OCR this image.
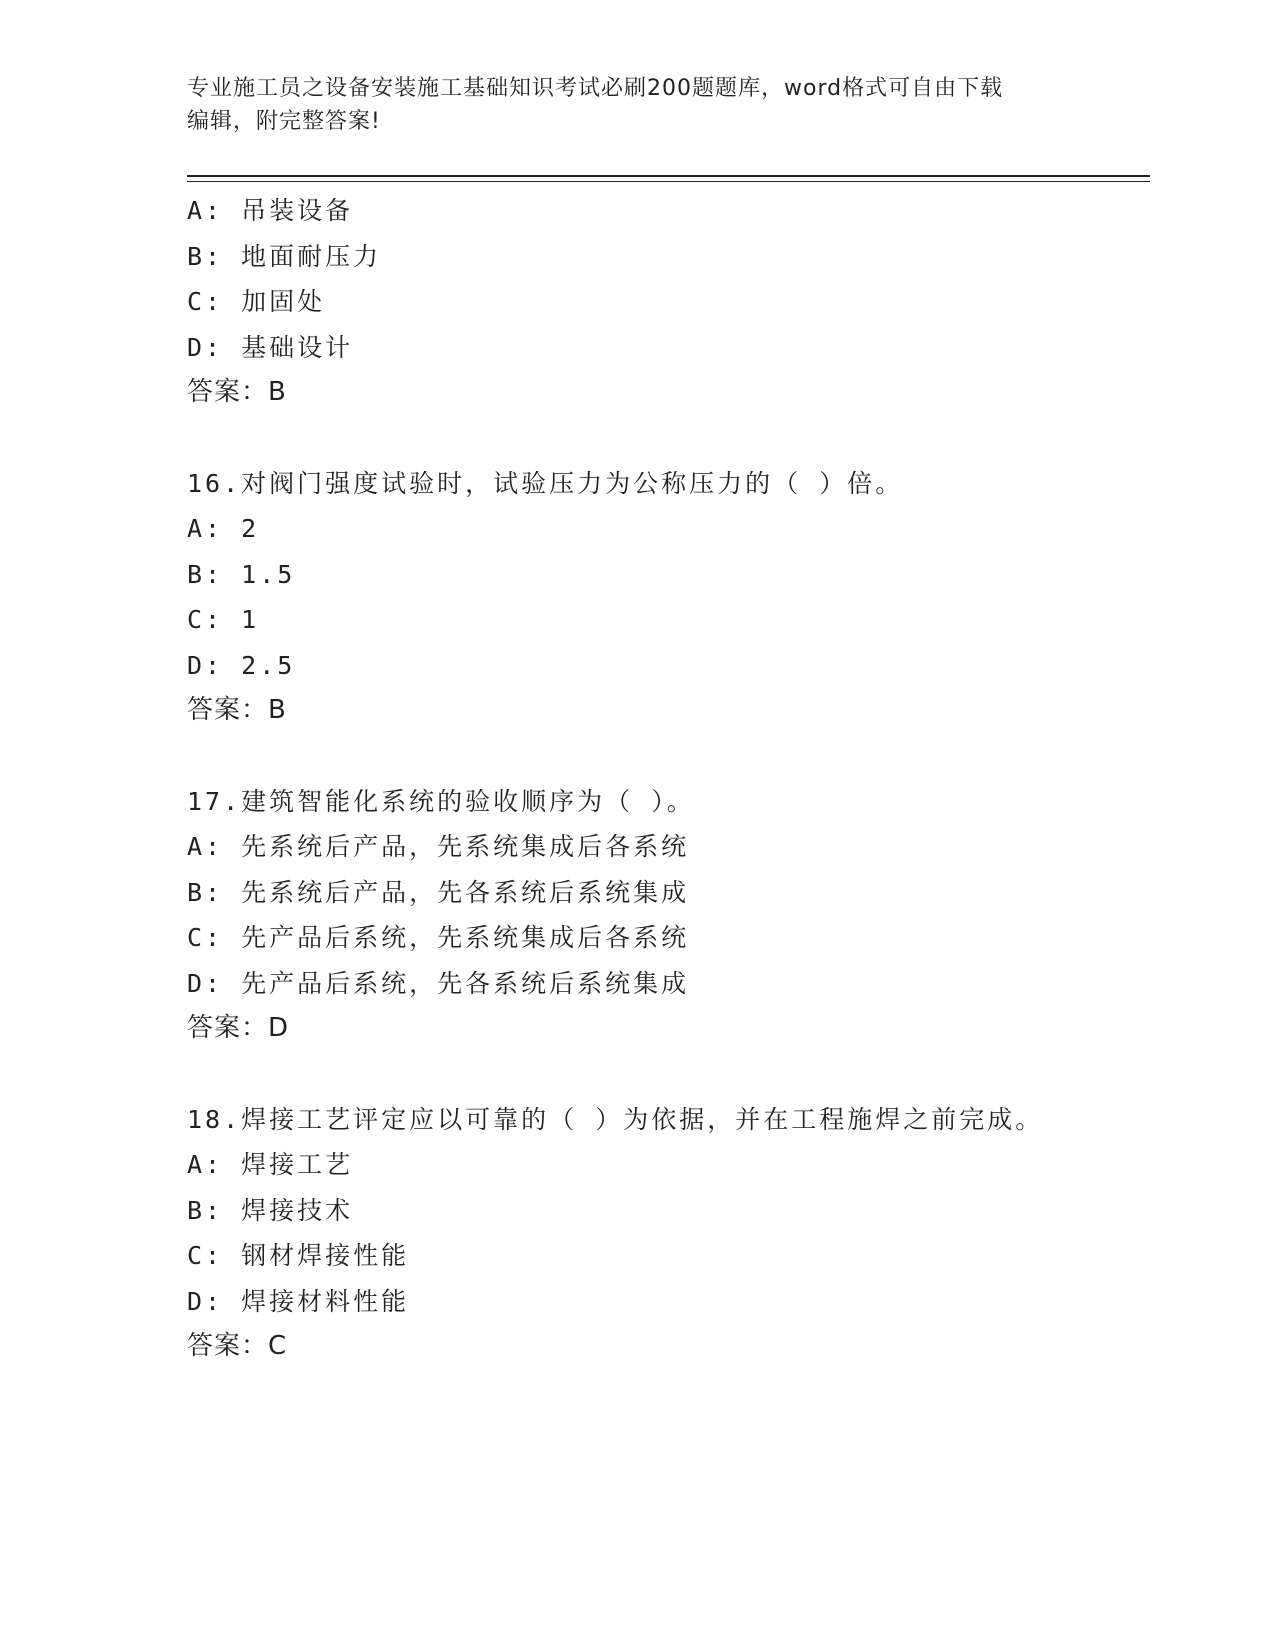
专业施工员之设备安装施工基础知识考试必刷200题题库，word格式可自由下载
编辑，附完整答案!
A: 吊装设备
B: 地面耐压力
C: 加固处
D: 基础设计
答案：B
16.对阀门强度试验时，试验压力为公称压力的（ ）倍。
A: 2
B: 1.5
C: 1
D: 2.5
答案：B
17.建筑智能化系统的验收顺序为（ ）。
A: 先系统后产品，先系统集成后各系统
B: 先系统后产品，先各系统后系统集成
C: 先产品后系统，先系统集成后各系统
D: 先产品后系统，先各系统后系统集成
答案：D
18.焊接工艺评定应以可靠的（ ）为依据，并在工程施焊之前完成。
A: 焊接工艺
B: 焊接技术
C: 钢材焊接性能
D: 焊接材料性能
答案：C
